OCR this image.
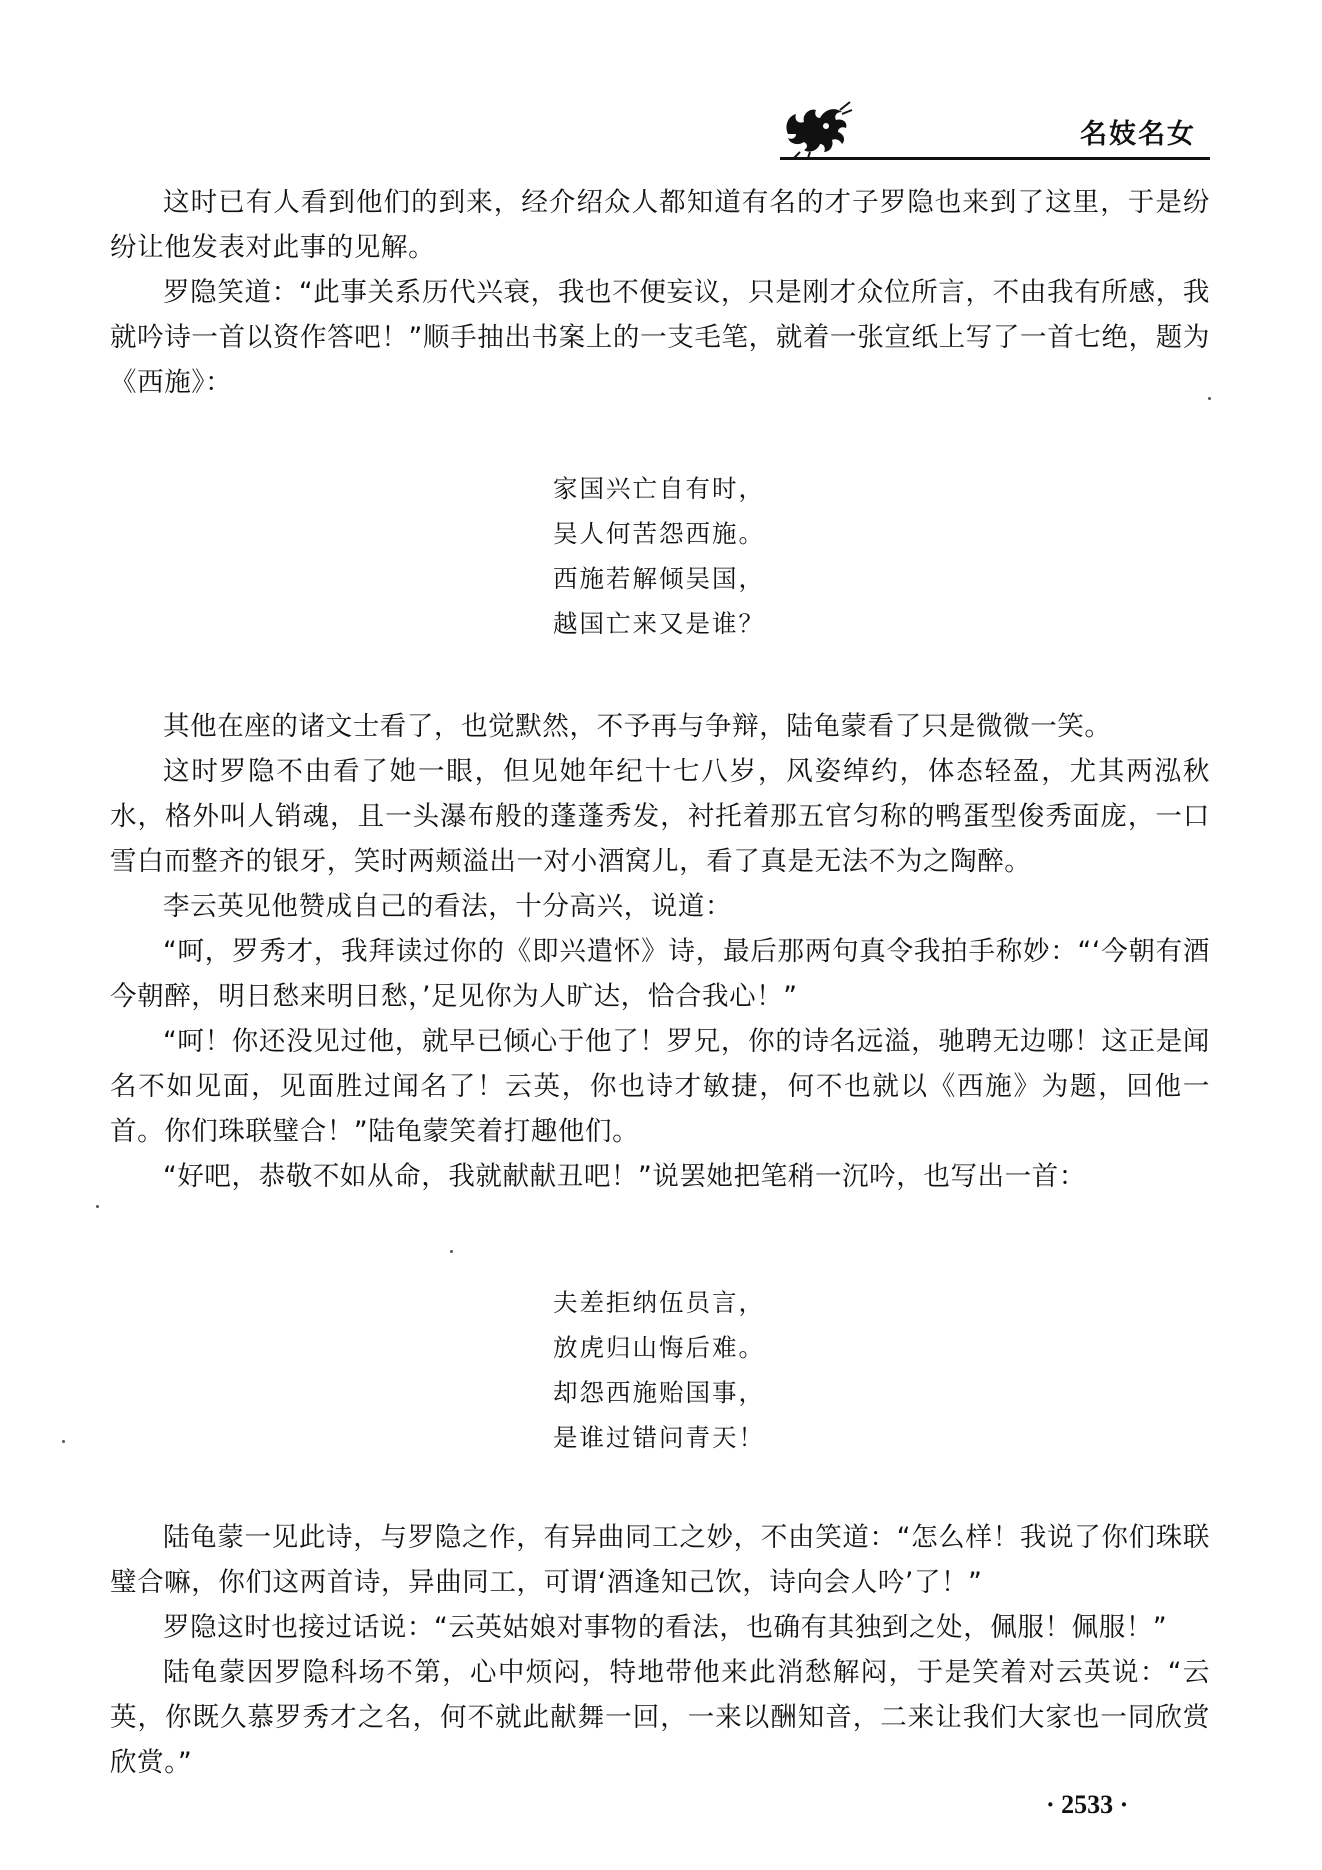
名妓名女

这时已有人看到他们的到来，经介绍众人都知道有名的才子罗隐也来到了这里，于是纷纷让他发表对此事的见解。

罗隐笑道：“此事关系历代兴衰，我也不便妄议，只是刚才众位所言，不由我有所感，我就吟诗一首以资作答吧！”顺手抽出书案上的一支毛笔，就着一张宣纸上写了一首七绝，题为《西施》：

家国兴亡自有时，
吴人何苦怨西施。
西施若解倾吴国，
越国亡来又是谁？

其他在座的诸文士看了，也觉默然，不予再与争辩，陆龟蒙看了只是微微一笑。

这时罗隐不由看了她一眼，但见她年纪十七八岁，风姿绰约，体态轻盈，尤其两泓秋水，格外叫人销魂，且一头瀑布般的蓬蓬秀发，衬托着那五官匀称的鸭蛋型俊秀面庞，一口雪白而整齐的银牙，笑时两颊溢出一对小酒窝儿，看了真是无法不为之陶醉。

李云英见他赞成自己的看法，十分高兴，说道：

“呵，罗秀才，我拜读过你的《即兴遣怀》诗，最后那两句真令我拍手称妙：“‘今朝有酒今朝醉，明日愁来明日愁，’足见你为人旷达，恰合我心！”

“呵！你还没见过他，就早已倾心于他了！罗兄，你的诗名远溢，驰聘无边哪！这正是闻名不如见面，见面胜过闻名了！云英，你也诗才敏捷，何不也就以《西施》为题，回他一首。你们珠联璧合！”陆龟蒙笑着打趣他们。

“好吧，恭敬不如从命，我就献献丑吧！”说罢她把笔稍一沉吟，也写出一首：

夫差拒纳伍员言，
放虎归山悔后难。
却怨西施贻国事，
是谁过错问青天！

陆龟蒙一见此诗，与罗隐之作，有异曲同工之妙，不由笑道：“怎么样！我说了你们珠联璧合嘛，你们这两首诗，异曲同工，可谓‘酒逢知己饮，诗向会人吟’了！”

罗隐这时也接过话说：“云英姑娘对事物的看法，也确有其独到之处，佩服！佩服！”

陆龟蒙因罗隐科场不第，心中烦闷，特地带他来此消愁解闷，于是笑着对云英说：“云英，你既久慕罗秀才之名，何不就此献舞一回，一来以酬知音，二来让我们大家也一同欣赏欣赏。”

· 2533 ·
